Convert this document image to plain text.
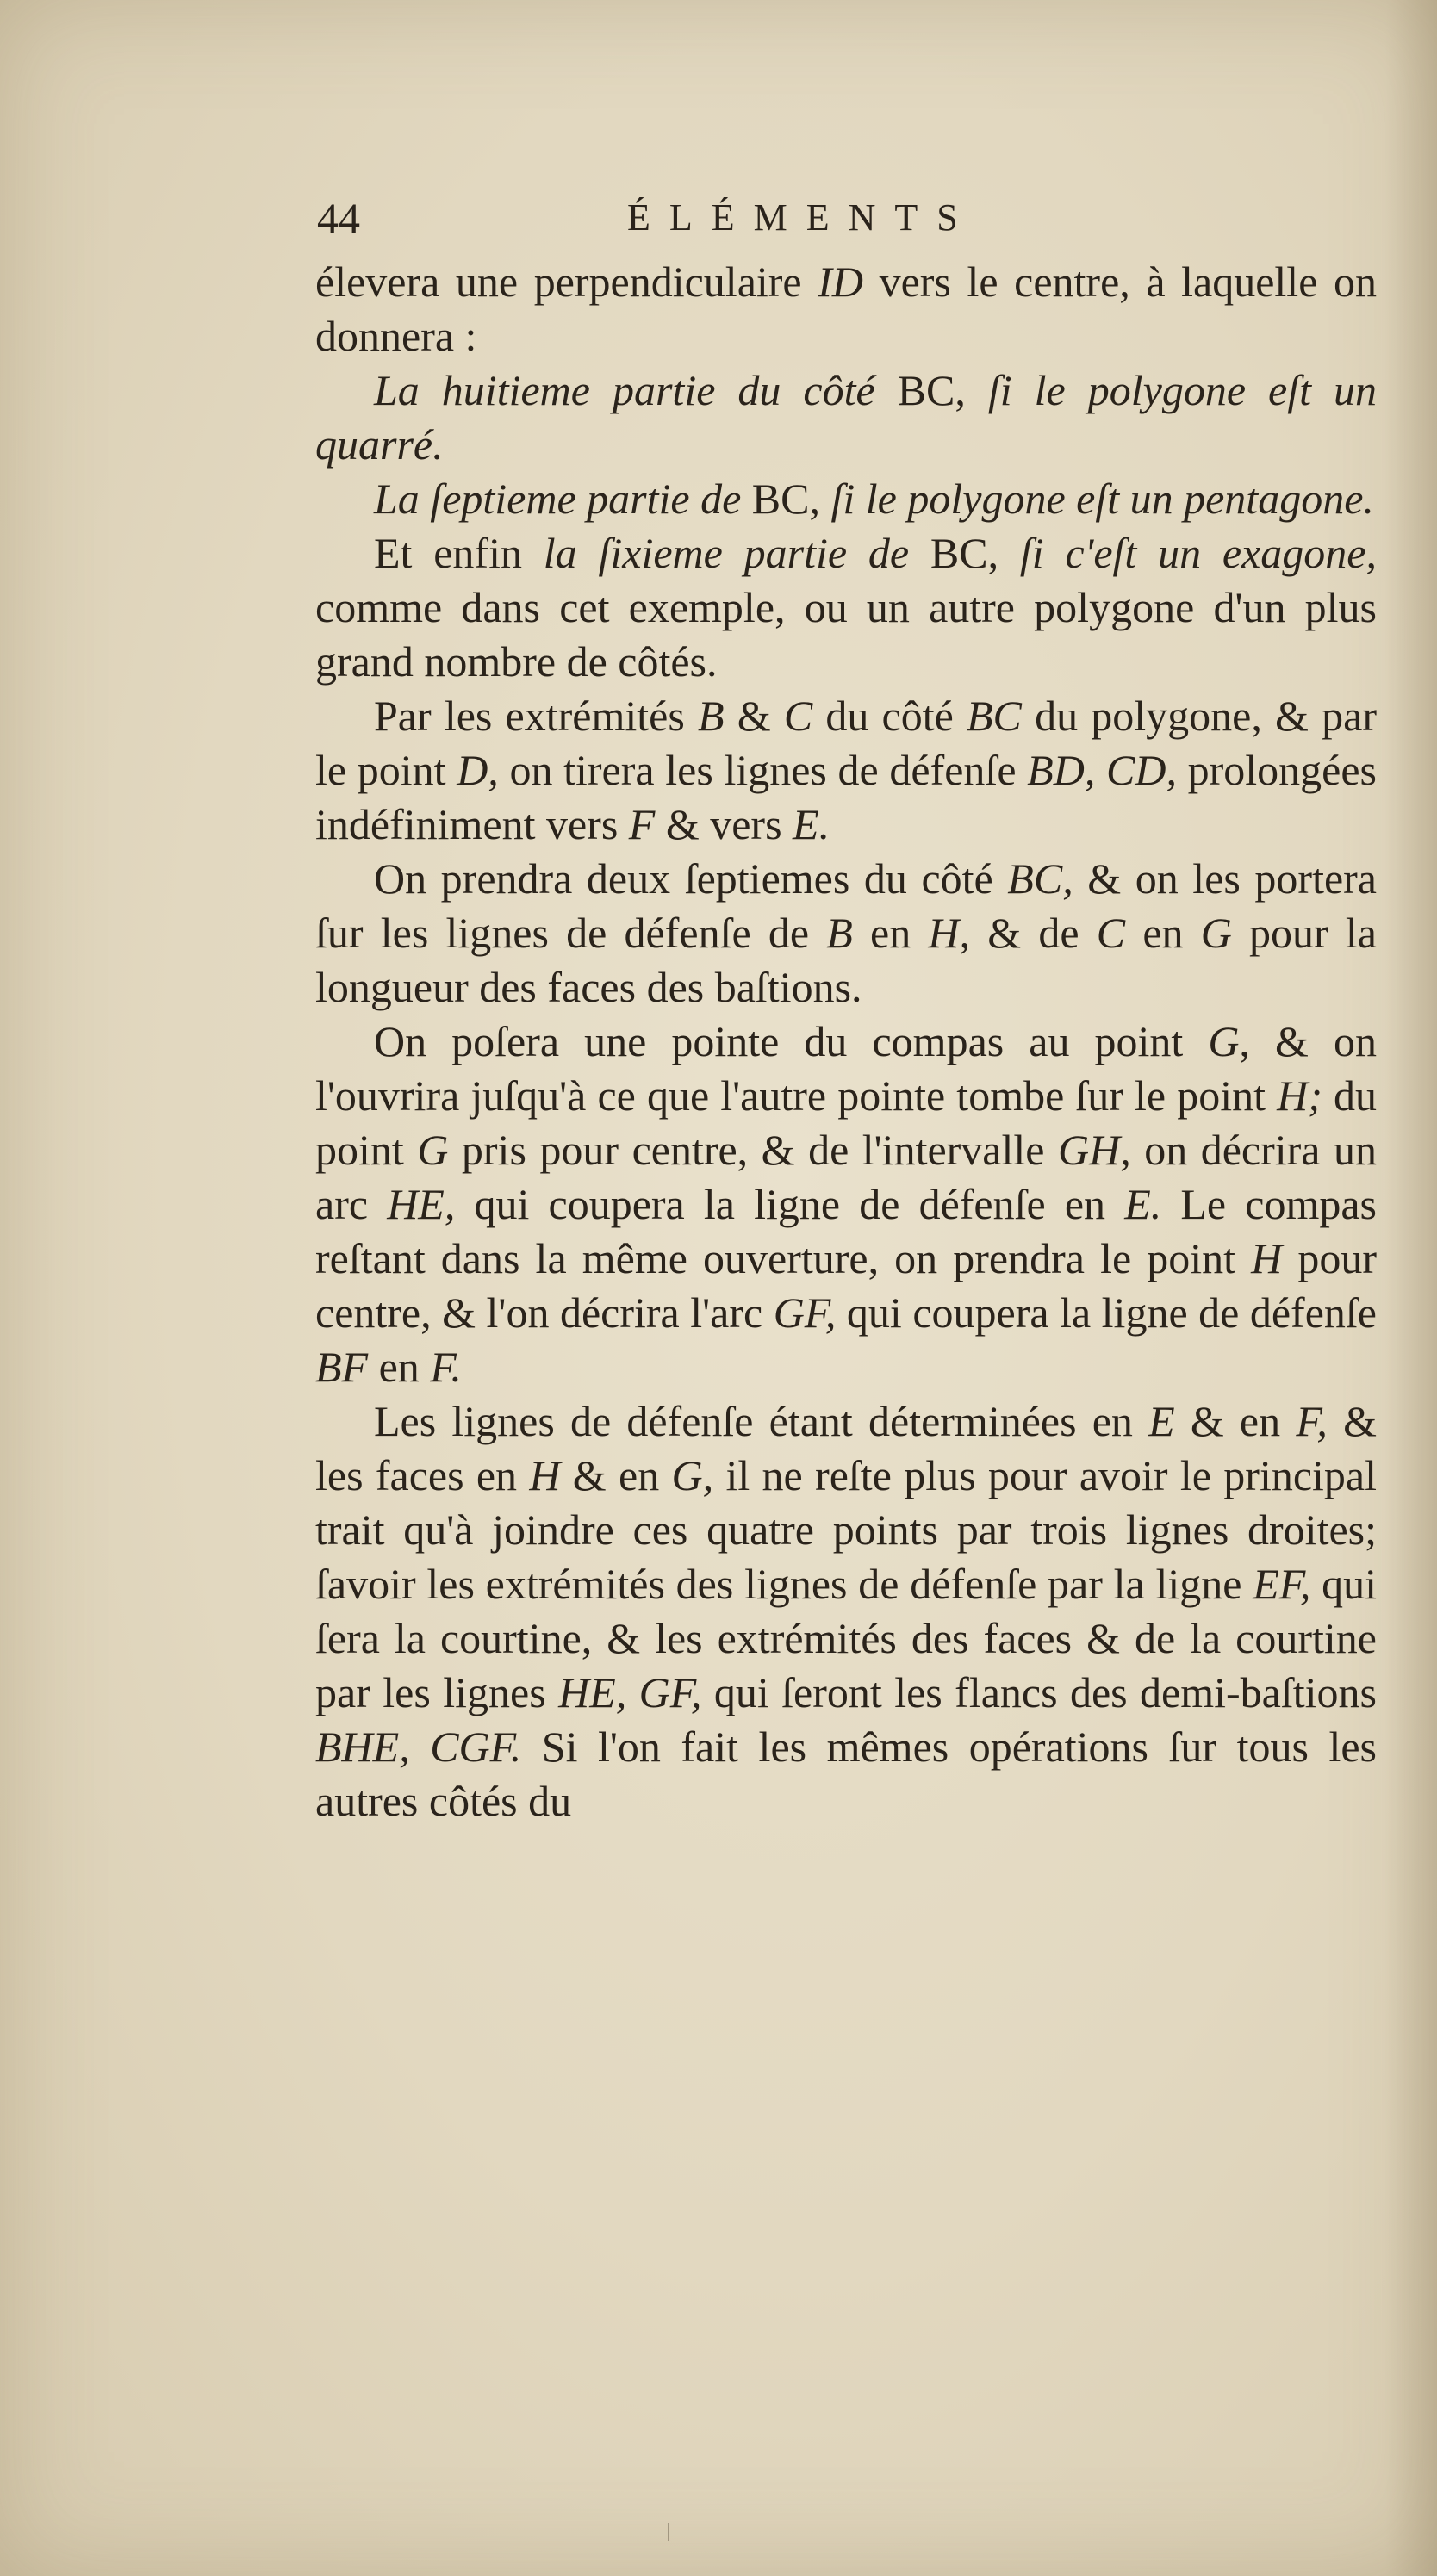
44	ÉLÉMENTS

élevera une perpendiculaire ID vers le centre, à laquelle on donnera :

La huitieme partie du côté BC, ſi le polygone eſt un quarré.

La ſeptieme partie de BC, ſi le polygone eſt un pentagone.

Et enfin la ſixieme partie de BC, ſi c'eſt un exagone, comme dans cet exemple, ou un autre polygone d'un plus grand nombre de côtés.

Par les extrémités B & C du côté BC du polygone, & par le point D, on tirera les lignes de défenſe BD, CD, prolongées indéfiniment vers F & vers E.

On prendra deux ſeptiemes du côté BC, & on les portera ſur les lignes de défenſe de B en H, & de C en G pour la longueur des faces des baſtions.

On poſera une pointe du compas au point G, & on l'ouvrira juſqu'à ce que l'autre pointe tombe ſur le point H; du point G pris pour centre, & de l'intervalle GH, on décrira un arc HE, qui coupera la ligne de défenſe en E. Le compas reſtant dans la même ouverture, on prendra le point H pour centre, & l'on décrira l'arc GF, qui coupera la ligne de défenſe BF en F.

Les lignes de défenſe étant déterminées en E & en F, & les faces en H & en G, il ne reſte plus pour avoir le principal trait qu'à joindre ces quatre points par trois lignes droites; ſavoir les extrémités des lignes de défenſe par la ligne EF, qui ſera la courtine, & les extrémités des faces & de la courtine par les lignes HE, GF, qui ſeront les flancs des demi-baſtions BHE, CGF. Si l'on fait les mêmes opérations ſur tous les autres côtés du
